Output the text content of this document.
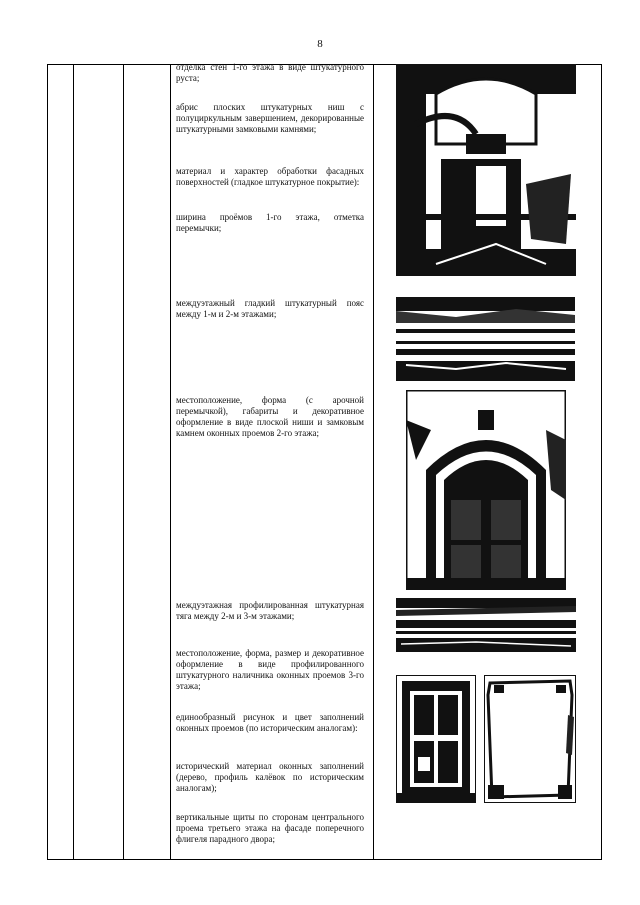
8

отделка стен 1-го этажа в виде штукатурного руста;

абрис плоских штукатурных ниш с полуциркульным завершением, декорированные штукатурными замковыми камнями;

материал и характер обработки фасадных поверхностей (гладкое штукатурное покрытие):

ширина проёмов 1-го этажа, отметка перемычки;

междуэтажный гладкий штукатурный пояс между 1-м и 2-м этажами;

местоположение, форма (с арочной перемычкой), габариты и декоративное оформление в виде плоской ниши и замковым камнем оконных проемов 2-го этажа;

междуэтажная профилированная штукатурная тяга между 2-м и 3-м этажами;

местоположение, форма, размер и декоративное оформление в виде профилированного штукатурного наличника оконных проемов 3-го этажа;

единообразный рисунок и цвет заполнений оконных проемов (по историческим аналогам):

исторический материал оконных заполнений (дерево, профиль калёвок по историческим аналогам);

вертикальные щиты по сторонам центрального проема третьего этажа на фасаде поперечного флигеля парадного двора;
